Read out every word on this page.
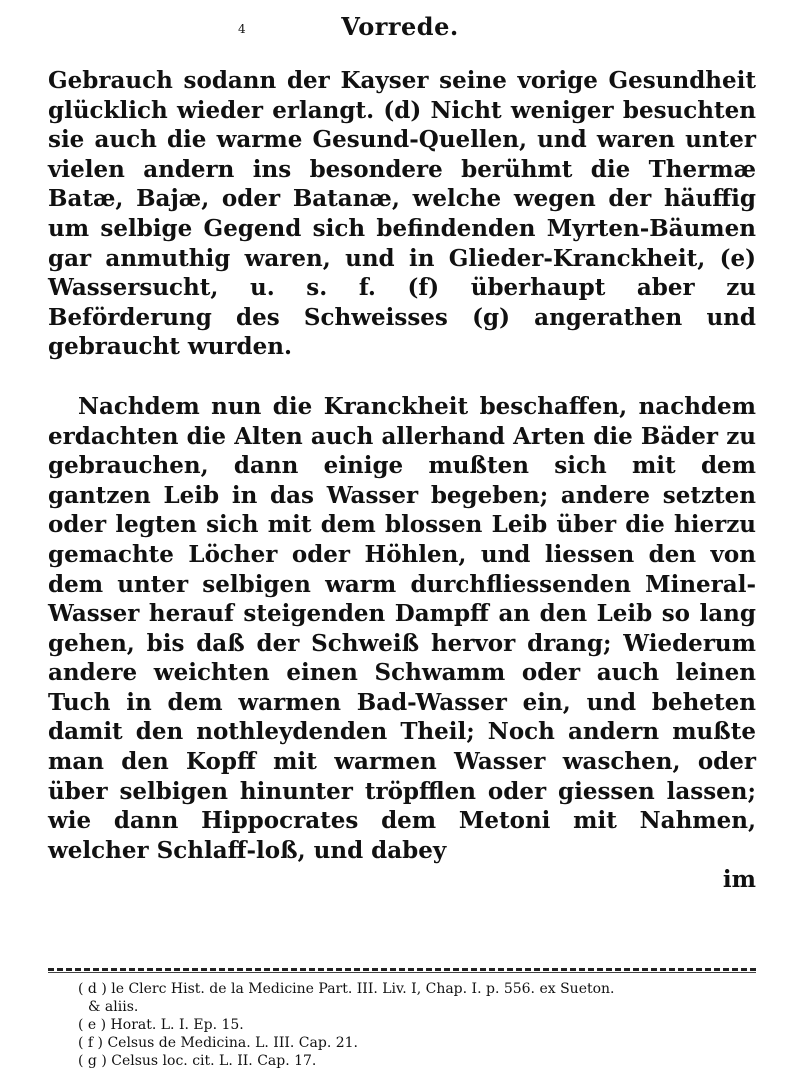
4	Vorrede.

Gebrauch sodann der Kayser seine vorige Gesundheit glücklich wieder erlangt. (d) Nicht weniger besuchten sie auch die warme Gesund-Quellen, und waren unter vielen andern ins besondere berühmt die Thermæ Batæ, Bajæ, oder Batanæ, welche wegen der häuffig um selbige Gegend sich befindenden Myrten-Bäumen gar anmuthig waren, und in Glieder-Kranckheit, (e) Wassersucht, u. s. f. (f) überhaupt aber zu Beförderung des Schweisses (g) angerathen und gebraucht wurden.

Nachdem nun die Kranckheit beschaffen, nachdem erdachten die Alten auch allerhand Arten die Bäder zu gebrauchen, dann einige mußten sich mit dem gantzen Leib in das Wasser begeben; andere setzten oder legten sich mit dem blossen Leib über die hierzu gemachte Löcher oder Höhlen, und liessen den von dem unter selbigen warm durchfliessenden Mineral-Wasser herauf steigenden Dampff an den Leib so lang gehen, bis daß der Schweiß hervor drang; Wiederum andere weichten einen Schwamm oder auch leinen Tuch in dem warmen Bad-Wasser ein, und beheten damit den nothleydenden Theil; Noch andern mußte man den Kopff mit warmen Wasser waschen, oder über selbigen hinunter tröpfflen oder giessen lassen; wie dann Hippocrates dem Metoni mit Nahmen, welcher Schlaff-loß, und dabey

im

( d ) le Clerc Hist. de la Medicine Part. III. Liv. I, Chap. I. p. 556. ex Sueton.

& aliis.

( e ) Horat. L. I. Ep. 15.

( f ) Celsus de Medicina. L. III. Cap. 21.

( g ) Celsus loc. cit. L. II. Cap. 17.
